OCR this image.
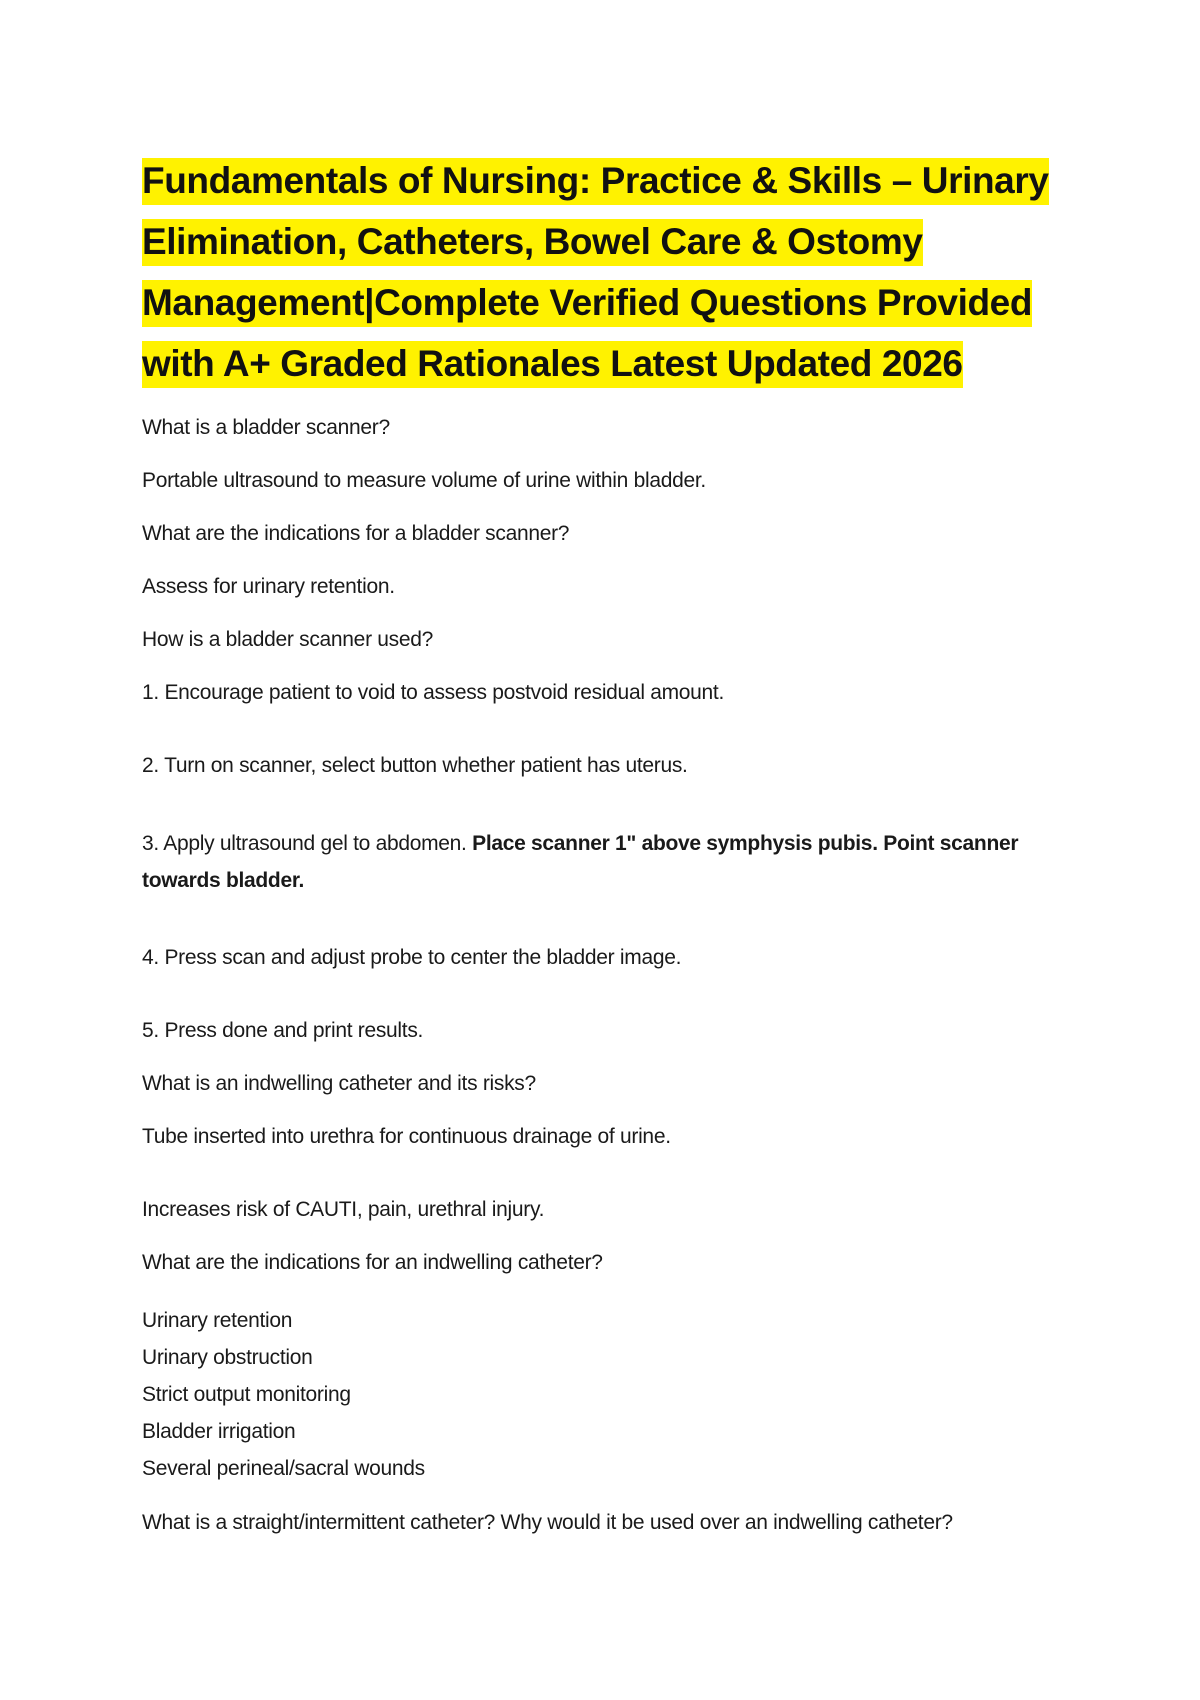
Fundamentals of Nursing: Practice & Skills – Urinary
Elimination, Catheters, Bowel Care & Ostomy
Management|Complete Verified Questions Provided
with A+ Graded Rationales Latest Updated 2026

What is a bladder scanner?

Portable ultrasound to measure volume of urine within bladder.

What are the indications for a bladder scanner?

Assess for urinary retention.

How is a bladder scanner used?

1. Encourage patient to void to assess postvoid residual amount.

2. Turn on scanner, select button whether patient has uterus.

3. Apply ultrasound gel to abdomen. Place scanner 1" above symphysis pubis. Point scanner
towards bladder.

4. Press scan and adjust probe to center the bladder image.

5. Press done and print results.

What is an indwelling catheter and its risks?

Tube inserted into urethra for continuous drainage of urine.

Increases risk of CAUTI, pain, urethral injury.

What are the indications for an indwelling catheter?

Urinary retention
Urinary obstruction
Strict output monitoring
Bladder irrigation
Several perineal/sacral wounds

What is a straight/intermittent catheter? Why would it be used over an indwelling catheter?
